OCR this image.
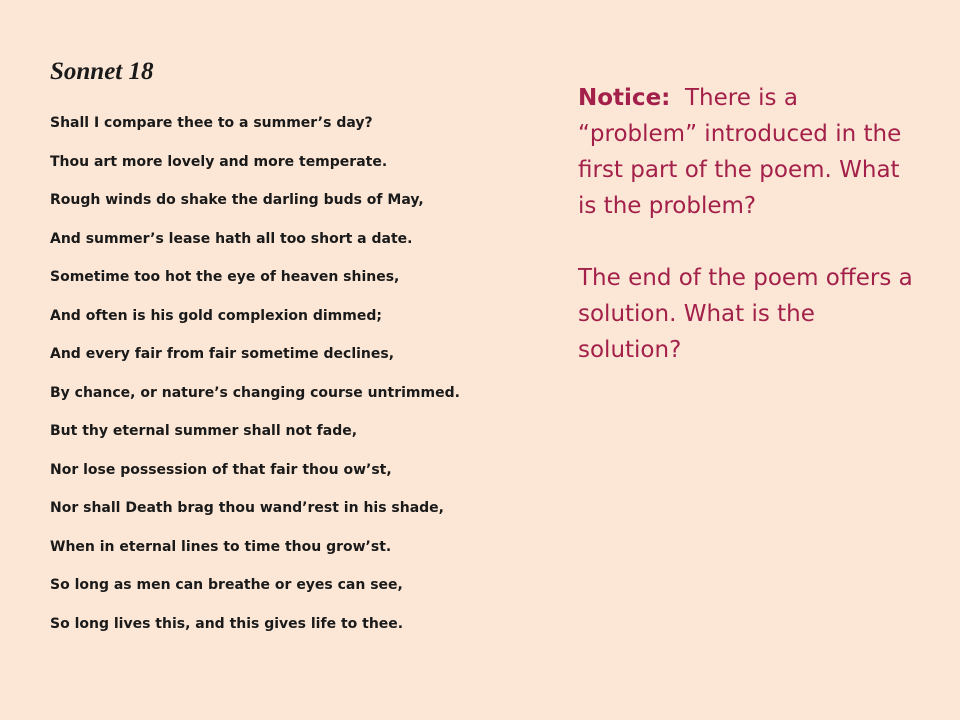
Sonnet 18
Shall I compare thee to a summer’s day?
Thou art more lovely and more temperate.
Rough winds do shake the darling buds of May,
And summer’s lease hath all too short a date.
Sometime too hot the eye of heaven shines,
And often is his gold complexion dimmed;
And every fair from fair sometime declines,
By chance, or nature’s changing course untrimmed.
But thy eternal summer shall not fade,
Nor lose possession of that fair thou ow’st,
Nor shall Death brag thou wand’rest in his shade,
When in eternal lines to time thou grow’st.
So long as men can breathe or eyes can see,
So long lives this, and this gives life to thee.

Notice:  There is a “problem” introduced in the first part of the poem. What is the problem?

The end of the poem offers a solution. What is the solution?
